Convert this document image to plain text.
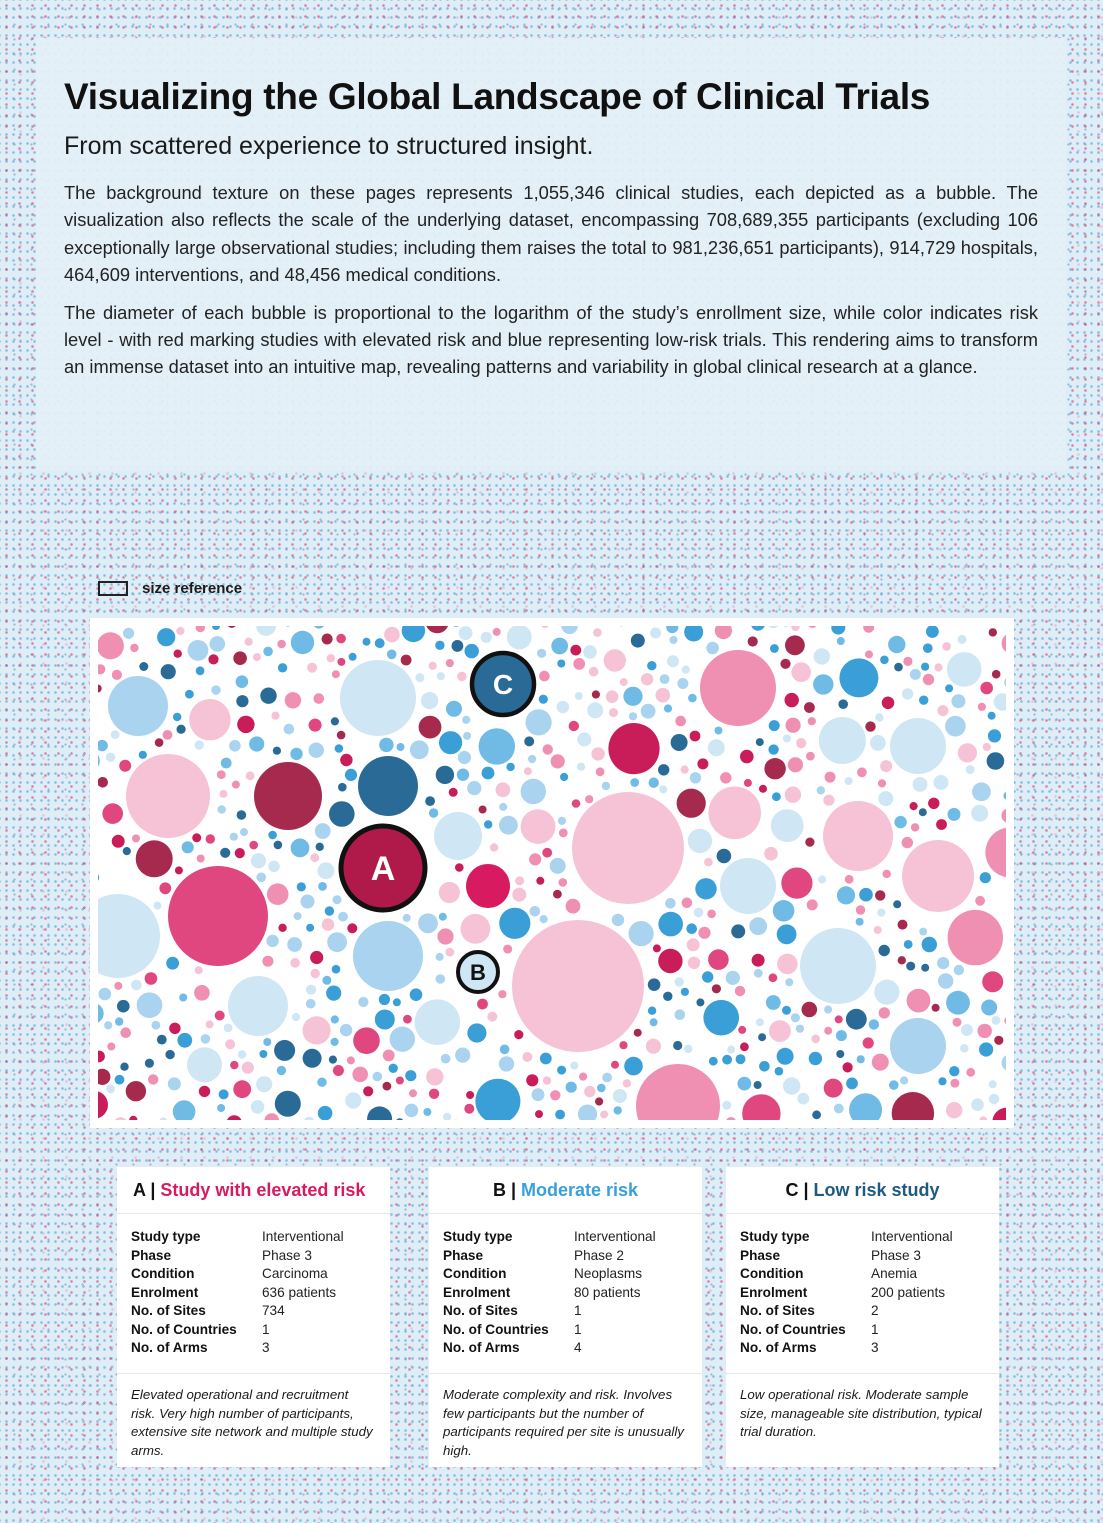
Visualizing the Global Landscape of Clinical Trials
From scattered experience to structured insight.

The background texture on these pages represents 1,055,346 clinical studies, each depicted as a bubble. The visualization also reflects the scale of the underlying dataset, encompassing 708,689,355 participants (excluding 106 exceptionally large observational studies; including them raises the total to 981,236,651 participants), 914,729 hospitals, 464,609 interventions, and 48,456 medical conditions.

The diameter of each bubble is proportional to the logarithm of the study’s enrollment size, while color indicates risk level - with red marking studies with elevated risk and blue representing low-risk trials. This rendering aims to transform an immense dataset into an intuitive map, revealing patterns and variability in global clinical research at a glance.

size reference
A
B
C
A | Study with elevated risk
Study type	Interventional
Phase	Phase 3
Condition	Carcinoma
Enrolment	636 patients
No. of Sites	734
No. of Countries	1
No. of Arms	3
Elevated operational and recruitment risk. Very high number of participants, extensive site network and multiple study arms.
B | Moderate risk
Study type	Interventional
Phase	Phase 2
Condition	Neoplasms
Enrolment	80 patients
No. of Sites	1
No. of Countries	1
No. of Arms	4
Moderate complexity and risk. Involves few participants but the number of participants required per site is unusually high.
C | Low risk study
Study type	Interventional
Phase	Phase 3
Condition	Anemia
Enrolment	200 patients
No. of Sites	2
No. of Countries	1
No. of Arms	3
Low operational risk. Moderate sample size, manageable site distribution, typical trial duration.
